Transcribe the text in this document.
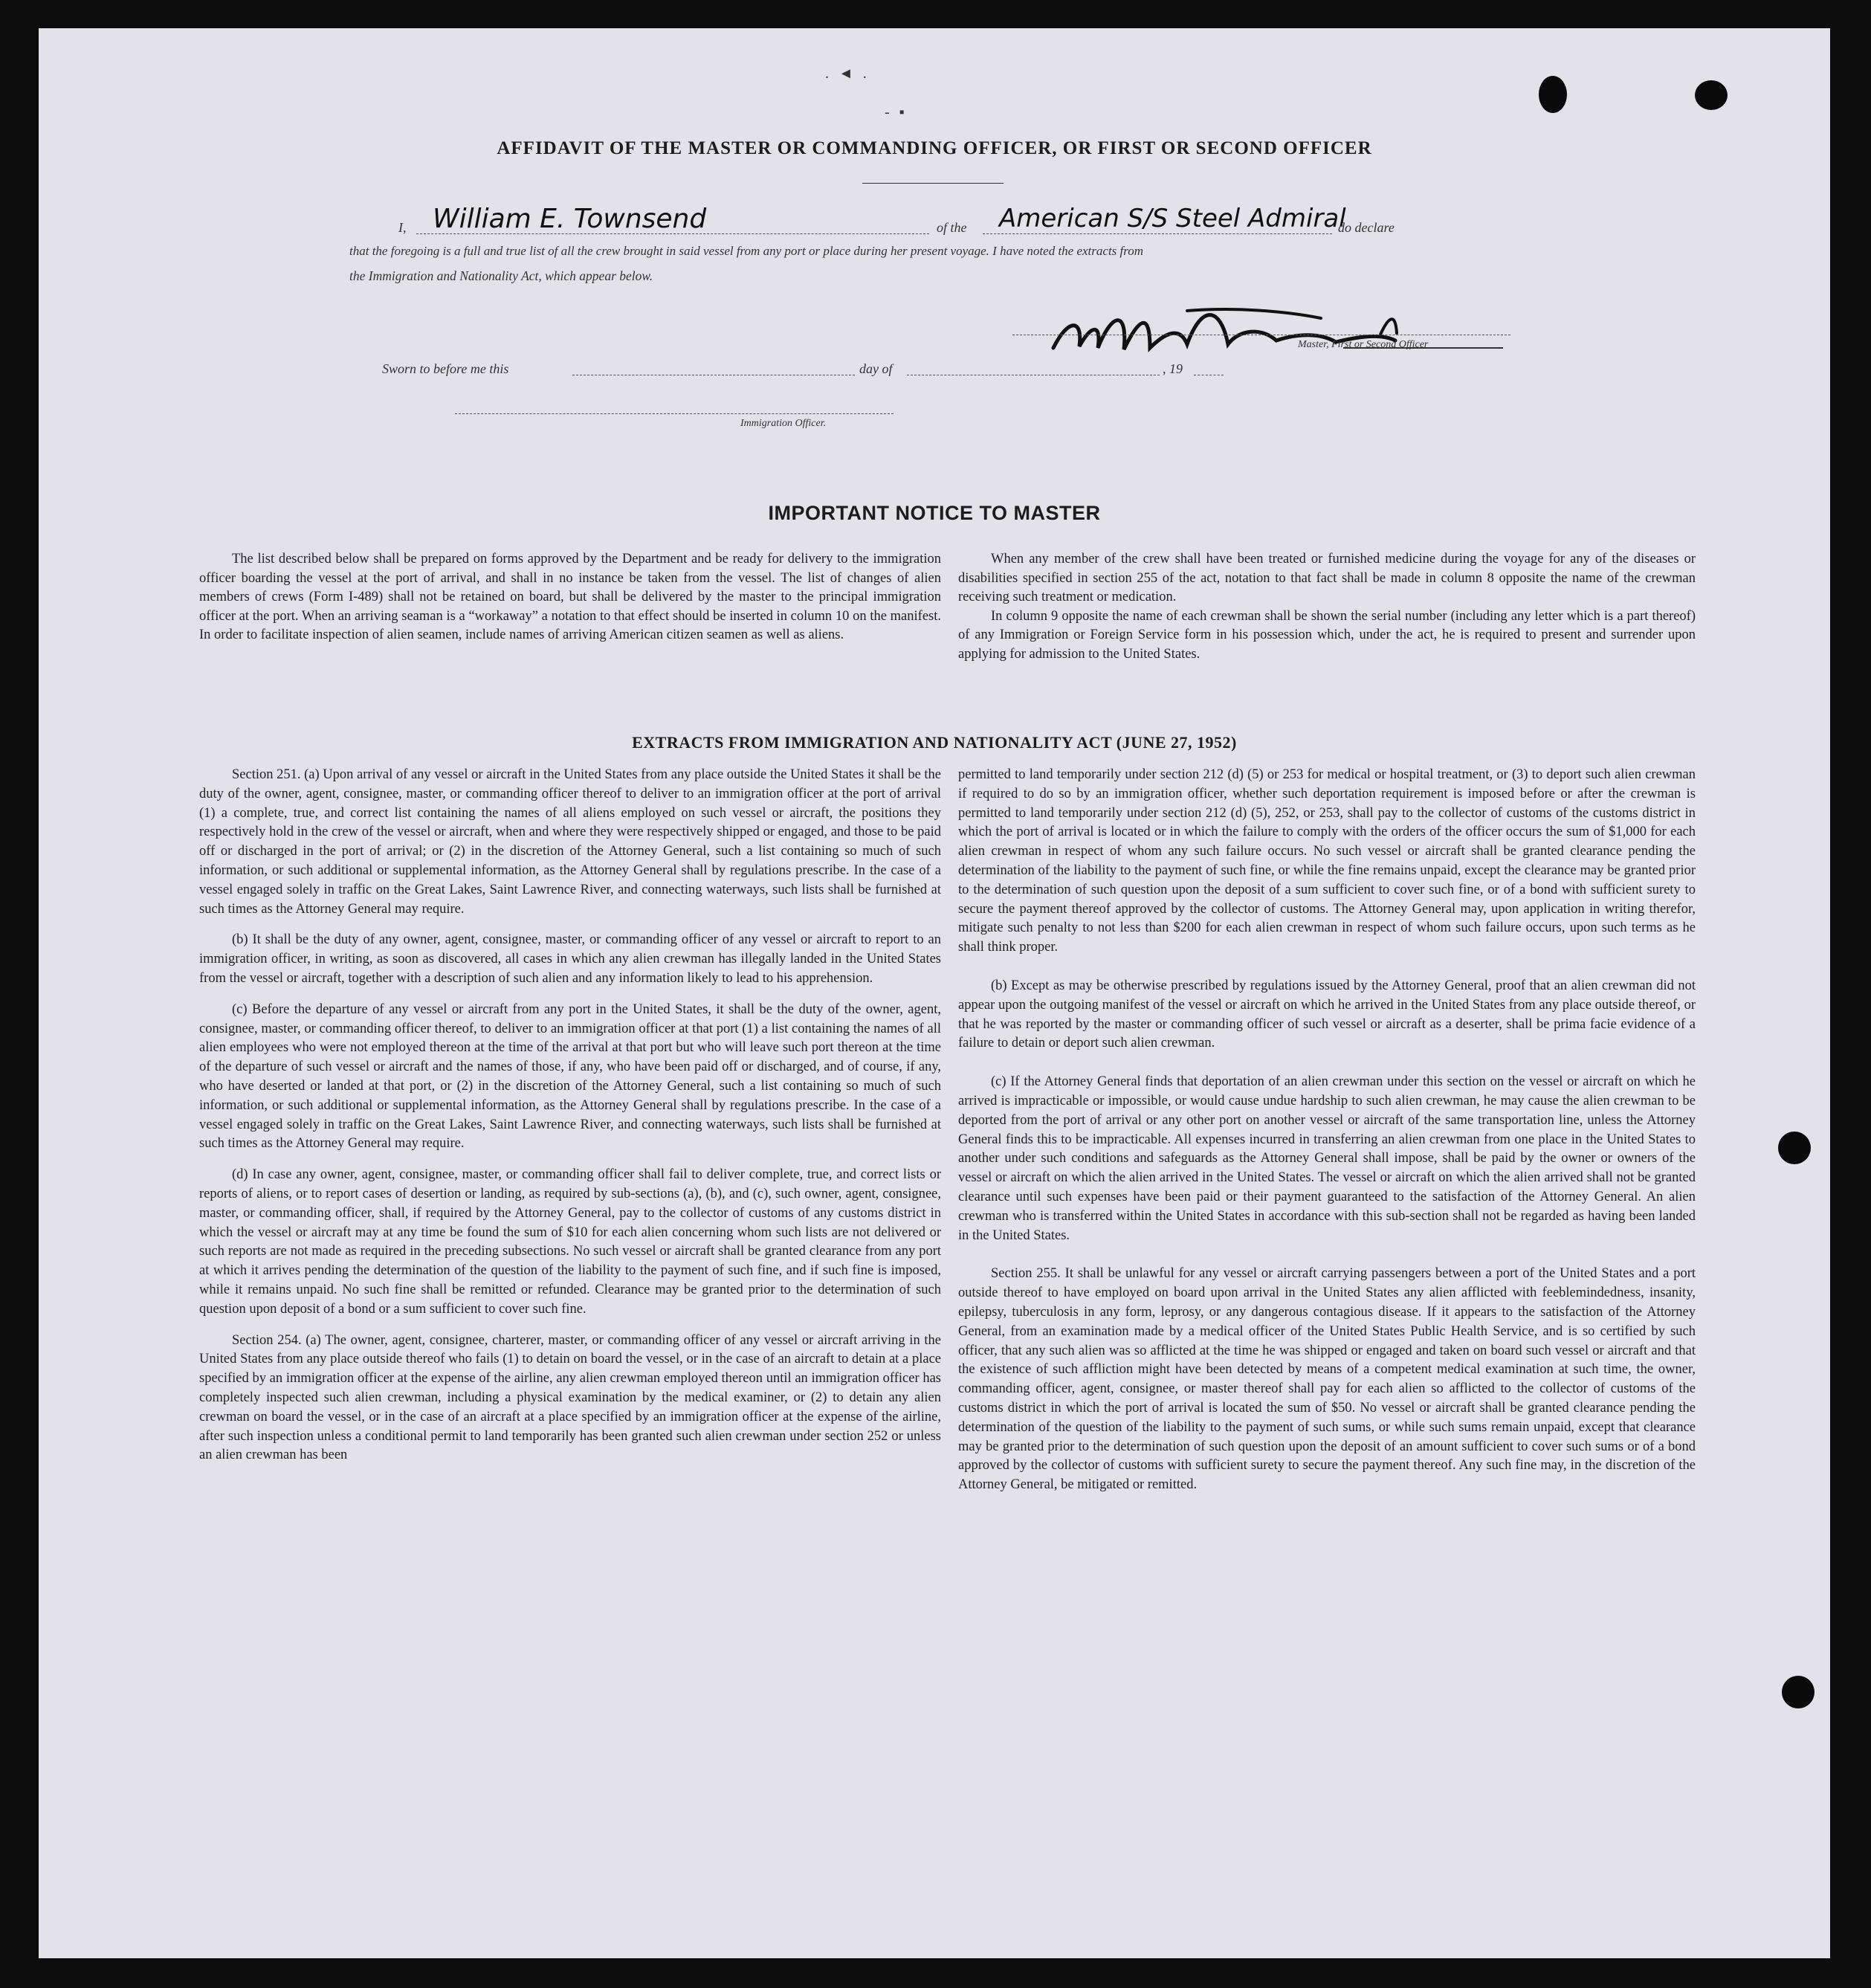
. ◄ .
- ▪
AFFIDAVIT OF THE MASTER OR COMMANDING OFFICER, OR FIRST OR SECOND OFFICER
I, William E. Townsend	of the American S/S Steel Admiral
do declare
that the foregoing is a full and true list of all the crew brought in said vessel from any port or place during her present voyage. I have noted the extracts from
the Immigration and Nationality Act, which appear below.
Master, First or Second Officer
Sworn to before me this	day of	, 19
Immigration Officer.
IMPORTANT NOTICE TO MASTER

The list described below shall be prepared on forms approved by the Department and be ready for delivery to the immigration officer boarding the vessel at the port of arrival, and shall in no instance be taken from the vessel. The list of changes of alien members of crews (Form I-489) shall not be retained on board, but shall be delivered by the master to the principal immigration officer at the port. When an arriving seaman is a “workaway” a notation to that effect should be inserted in column 10 on the manifest. In order to facilitate inspection of alien seamen, include names of arriving American citizen seamen as well as aliens.

When any member of the crew shall have been treated or furnished medicine during the voyage for any of the diseases or disabilities specified in section 255 of the act, notation to that fact shall be made in column 8 opposite the name of the crewman receiving such treatment or medication.

In column 9 opposite the name of each crewman shall be shown the serial number (including any letter which is a part thereof) of any Immigration or Foreign Service form in his possession which, under the act, he is required to present and surrender upon applying for admission to the United States.

EXTRACTS FROM IMMIGRATION AND NATIONALITY ACT (JUNE 27, 1952)

Section 251. (a) Upon arrival of any vessel or aircraft in the United States from any place outside the United States it shall be the duty of the owner, agent, consignee, master, or commanding officer thereof to deliver to an immigration officer at the port of arrival (1) a complete, true, and correct list containing the names of all aliens employed on such vessel or aircraft, the positions they respectively hold in the crew of the vessel or aircraft, when and where they were respectively shipped or engaged, and those to be paid off or discharged in the port of arrival; or (2) in the discretion of the Attorney General, such a list containing so much of such information, or such additional or supplemental information, as the Attorney General shall by regulations prescribe. In the case of a vessel engaged solely in traffic on the Great Lakes, Saint Lawrence River, and connecting waterways, such lists shall be furnished at such times as the Attorney General may require.

(b) It shall be the duty of any owner, agent, consignee, master, or commanding officer of any vessel or aircraft to report to an immigration officer, in writing, as soon as discovered, all cases in which any alien crewman has illegally landed in the United States from the vessel or aircraft, together with a description of such alien and any information likely to lead to his apprehension.

(c) Before the departure of any vessel or aircraft from any port in the United States, it shall be the duty of the owner, agent, consignee, master, or commanding officer thereof, to deliver to an immigration officer at that port (1) a list containing the names of all alien employees who were not employed thereon at the time of the arrival at that port but who will leave such port thereon at the time of the departure of such vessel or aircraft and the names of those, if any, who have been paid off or discharged, and of course, if any, who have deserted or landed at that port, or (2) in the discretion of the Attorney General, such a list containing so much of such information, or such additional or supplemental information, as the Attorney General shall by regulations prescribe. In the case of a vessel engaged solely in traffic on the Great Lakes, Saint Lawrence River, and connecting waterways, such lists shall be furnished at such times as the Attorney General may require.

(d) In case any owner, agent, consignee, master, or commanding officer shall fail to deliver complete, true, and correct lists or reports of aliens, or to report cases of desertion or landing, as required by sub-sections (a), (b), and (c), such owner, agent, consignee, master, or commanding officer, shall, if required by the Attorney General, pay to the collector of customs of any customs district in which the vessel or aircraft may at any time be found the sum of $10 for each alien concerning whom such lists are not delivered or such reports are not made as required in the preceding subsections. No such vessel or aircraft shall be granted clearance from any port at which it arrives pending the determination of the question of the liability to the payment of such fine, and if such fine is imposed, while it remains unpaid. No such fine shall be remitted or refunded. Clearance may be granted prior to the determination of such question upon deposit of a bond or a sum sufficient to cover such fine.

Section 254. (a) The owner, agent, consignee, charterer, master, or commanding officer of any vessel or aircraft arriving in the United States from any place outside thereof who fails (1) to detain on board the vessel, or in the case of an aircraft to detain at a place specified by an immigration officer at the expense of the airline, any alien crewman employed thereon until an immigration officer has completely inspected such alien crewman, including a physical examination by the medical examiner, or (2) to detain any alien crewman on board the vessel, or in the case of an aircraft at a place specified by an immigration officer at the expense of the airline, after such inspection unless a conditional permit to land temporarily has been granted such alien crewman under section 252 or unless an alien crewman has been

permitted to land temporarily under section 212 (d) (5) or 253 for medical or hospital treatment, or (3) to deport such alien crewman if required to do so by an immigration officer, whether such deportation requirement is imposed before or after the crewman is permitted to land temporarily under section 212 (d) (5), 252, or 253, shall pay to the collector of customs of the customs district in which the port of arrival is located or in which the failure to comply with the orders of the officer occurs the sum of $1,000 for each alien crewman in respect of whom any such failure occurs. No such vessel or aircraft shall be granted clearance pending the determination of the liability to the payment of such fine, or while the fine remains unpaid, except the clearance may be granted prior to the determination of such question upon the deposit of a sum sufficient to cover such fine, or of a bond with sufficient surety to secure the payment thereof approved by the collector of customs. The Attorney General may, upon application in writing therefor, mitigate such penalty to not less than $200 for each alien crewman in respect of whom such failure occurs, upon such terms as he shall think proper.

(b) Except as may be otherwise prescribed by regulations issued by the Attorney General, proof that an alien crewman did not appear upon the outgoing manifest of the vessel or aircraft on which he arrived in the United States from any place outside thereof, or that he was reported by the master or commanding officer of such vessel or aircraft as a deserter, shall be prima facie evidence of a failure to detain or deport such alien crewman.

(c) If the Attorney General finds that deportation of an alien crewman under this section on the vessel or aircraft on which he arrived is impracticable or impossible, or would cause undue hardship to such alien crewman, he may cause the alien crewman to be deported from the port of arrival or any other port on another vessel or aircraft of the same transportation line, unless the Attorney General finds this to be impracticable. All expenses incurred in transferring an alien crewman from one place in the United States to another under such conditions and safeguards as the Attorney General shall impose, shall be paid by the owner or owners of the vessel or aircraft on which the alien arrived in the United States. The vessel or aircraft on which the alien arrived shall not be granted clearance until such expenses have been paid or their payment guaranteed to the satisfaction of the Attorney General. An alien crewman who is transferred within the United States in accordance with this sub-section shall not be regarded as having been landed in the United States.

Section 255. It shall be unlawful for any vessel or aircraft carrying passengers between a port of the United States and a port outside thereof to have employed on board upon arrival in the United States any alien afflicted with feeblemindedness, insanity, epilepsy, tuberculosis in any form, leprosy, or any dangerous contagious disease. If it appears to the satisfaction of the Attorney General, from an examination made by a medical officer of the United States Public Health Service, and is so certified by such officer, that any such alien was so afflicted at the time he was shipped or engaged and taken on board such vessel or aircraft and that the existence of such affliction might have been detected by means of a competent medical examination at such time, the owner, commanding officer, agent, consignee, or master thereof shall pay for each alien so afflicted to the collector of customs of the customs district in which the port of arrival is located the sum of $50. No vessel or aircraft shall be granted clearance pending the determination of the question of the liability to the payment of such sums, or while such sums remain unpaid, except that clearance may be granted prior to the determination of such question upon the deposit of an amount sufficient to cover such sums or of a bond approved by the collector of customs with sufficient surety to secure the payment thereof. Any such fine may, in the discretion of the Attorney General, be mitigated or remitted.
